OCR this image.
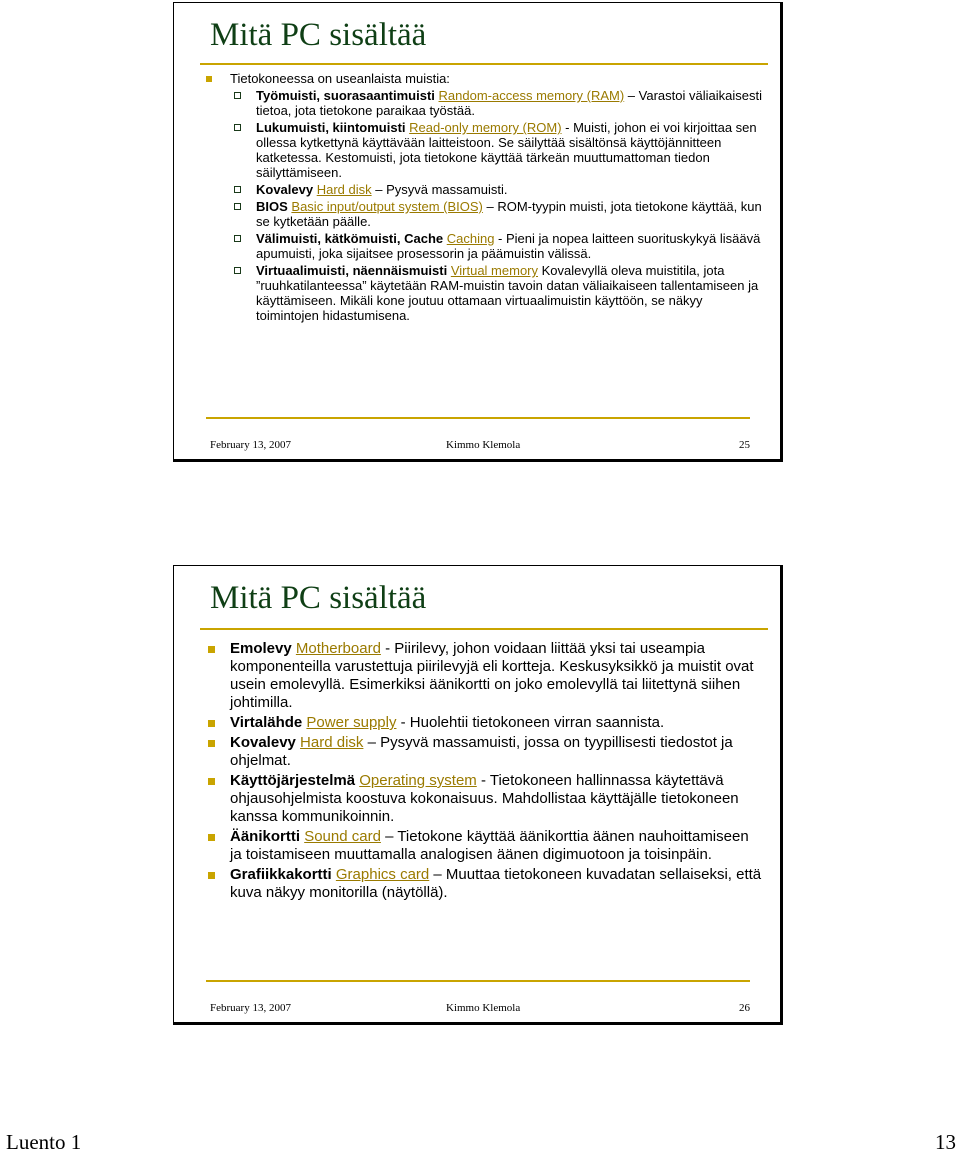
Mitä PC sisältää
Tietokoneessa on useanlaista muistia:
Työmuisti, suorasaantimuisti Random-access memory (RAM) – Varastoi väliaikaisesti tietoa, jota tietokone paraikaa työstää.
Lukumuisti, kiintomuisti Read-only memory (ROM) - Muisti, johon ei voi kirjoittaa sen ollessa kytkettynä käyttävään laitteistoon. Se säilyttää sisältönsä käyttöjännitteen katketessa. Kestomuisti, jota tietokone käyttää tärkeän muuttumattoman tiedon säilyttämiseen.
Kovalevy Hard disk – Pysyvä massamuisti.
BIOS Basic input/output system (BIOS) – ROM-tyypin muisti, jota tietokone käyttää, kun se kytketään päälle.
Välimuisti, kätkömuisti, Cache Caching - Pieni ja nopea laitteen suorituskykyä lisäävä apumuisti, joka sijaitsee prosessorin ja päämuistin välissä.
Virtuaalimuisti, näennäismuisti Virtual memory Kovalevyllä oleva muistitila, jota ”ruuhkatilanteessa” käytetään RAM-muistin tavoin datan väliaikaiseen tallentamiseen ja käyttämiseen. Mikäli kone joutuu ottamaan virtuaalimuistin käyttöön, se näkyy toimintojen hidastumisena.
February 13, 2007	Kimmo Klemola	25
Mitä PC sisältää
Emolevy Motherboard - Piirilevy, johon voidaan liittää yksi tai useampia komponenteilla varustettuja piirilevyjä eli kortteja. Keskusyksikkö ja muistit ovat usein emolevyllä. Esimerkiksi äänikortti on joko emolevyllä tai liitettynä siihen johtimilla.
Virtalähde Power supply - Huolehtii tietokoneen virran saannista.
Kovalevy Hard disk – Pysyvä massamuisti, jossa on tyypillisesti tiedostot ja ohjelmat.
Käyttöjärjestelmä Operating system - Tietokoneen hallinnassa käytettävä ohjausohjelmista koostuva kokonaisuus. Mahdollistaa käyttäjälle tietokoneen kanssa kommunikoinnin.
Äänikortti Sound card – Tietokone käyttää äänikorttia äänen nauhoittamiseen ja toistamiseen muuttamalla analogisen äänen digimuotoon ja toisinpäin.
Grafiikkakortti Graphics card – Muuttaa tietokoneen kuvadatan sellaiseksi, että kuva näkyy monitorilla (näytöllä).
February 13, 2007	Kimmo Klemola	26
Luento 1	13
